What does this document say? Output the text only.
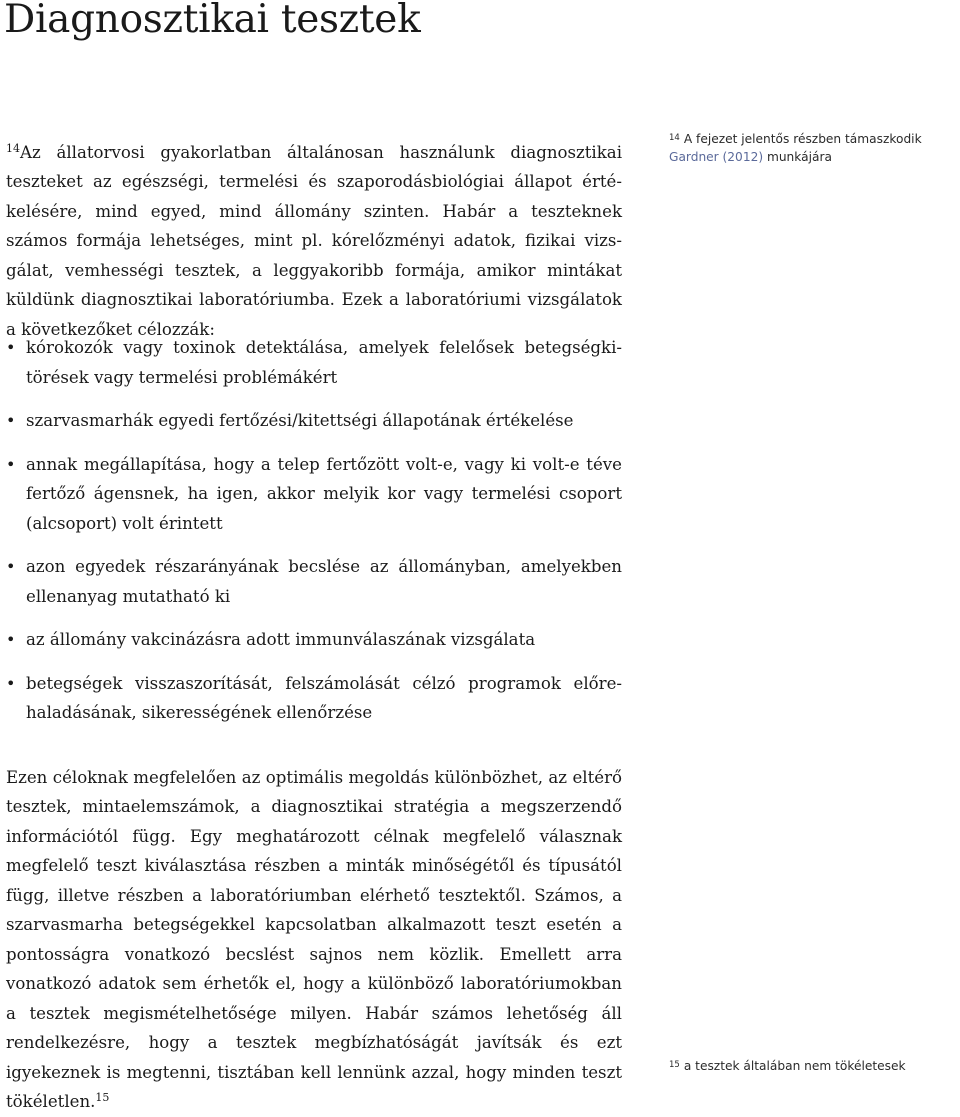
Diagnosztikai tesztek

$^{14}$Az állatorvosi gyakorlatban általánosan használunk diagnosztikai teszteket az egészségi, termelési és szaporodásbiológiai állapot értékelésére, mind egyed, mind állomány szinten. Habár a teszteknek számos formája lehetséges, mint pl. kórelőzményi adatok, fizikai vizsgálat, vemhességi tesztek, a leggyakoribb formája, amikor mintákat küldünk diagnosztikai laboratóriumba. Ezek a laboratóriumi vizsgálatok a következőket célozzák:

• kórokozók vagy toxinok detektálása, amelyek felelősek betegségkitörések vagy termelési problémákért
• szarvasmarhák egyedi fertőzési/kitettségi állapotának értékelése
• annak megállapítása, hogy a telep fertőzött volt-e, vagy ki volt-e téve fertőző ágensnek, ha igen, akkor melyik kor vagy termelési csoport (alcsoport) volt érintett
• azon egyedek részarányának becslése az állományban, amelyekben ellenanyag mutatható ki
• az állomány vakcinázásra adott immunválaszának vizsgálata
• betegségek visszaszorítását, felszámolását célzó programok előrehaladásának, sikerességének ellenőrzése

Ezen céloknak megfelelően az optimális megoldás különbözhet, az eltérő tesztek, mintaelemszámok, a diagnosztikai stratégia a megszerzendő információtól függ. Egy meghatározott célnak megfelelő válasznak megfelelő teszt kiválasztása részben a minták minőségétől és típusától függ, illetve részben a laboratóriumban elérhető tesztektől. Számos, a szarvasmarha betegségekkel kapcsolatban alkalmazott teszt esetén a pontosságra vonatkozó becslést sajnos nem közlik. Emellett arra vonatkozó adatok sem érhetők el, hogy a különböző laboratóriumokban a tesztek megismételhetősége milyen. Habár számos lehetőség áll rendelkezésre, hogy a tesztek megbízhatóságát javítsák és ezt igyekeznek is megtenni, tisztában kell lennünk azzal, hogy minden teszt tökéletlen.$^{15}$

$^{14}$ A fejezet jelentős részben támaszkodik Gardner (2012) munkájára
$^{15}$ a tesztek általában nem tökéletesek
